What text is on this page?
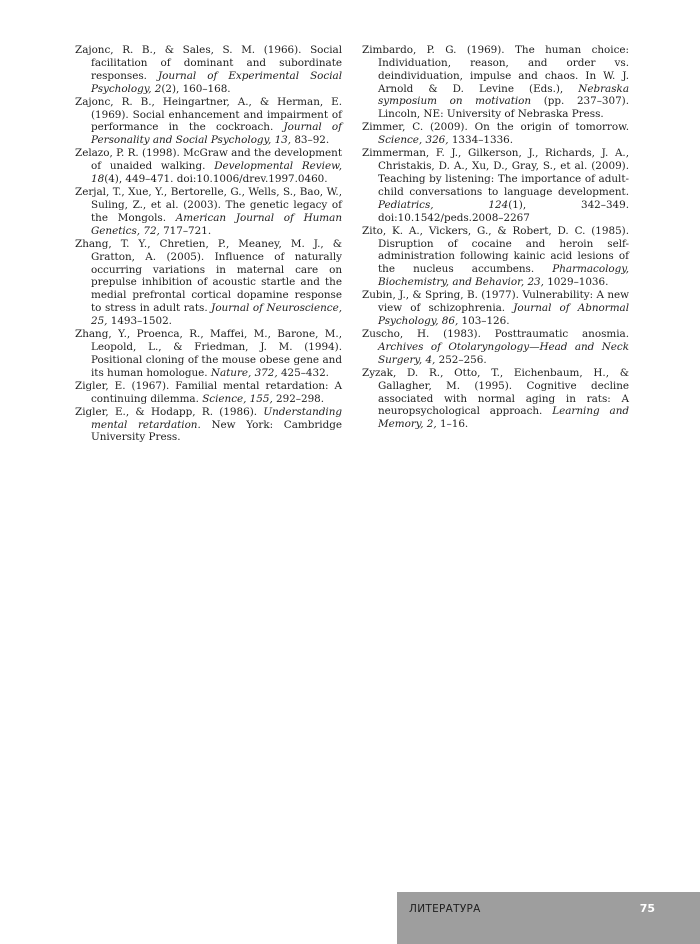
Zajonc, R. B., & Sales, S. M. (1966). Social facilitation of dominant and subordinate responses. Journal of Experimental Social Psychology, 2(2), 160–168.

Zajonc, R. B., Heingartner, A., & Herman, E. (1969). Social enhancement and impairment of performance in the cockroach. Journal of Personality and Social Psychology, 13, 83–92.

Zelazo, P. R. (1998). McGraw and the development of unaided walking. Developmental Review, 18(4), 449–471. doi:10.1006/drev.1997.0460.

Zerjal, T., Xue, Y., Bertorelle, G., Wells, S., Bao, W., Suling, Z., et al. (2003). The genetic legacy of the Mongols. American Journal of Human Genetics, 72, 717–721.

Zhang, T. Y., Chretien, P., Meaney, M. J., & Gratton, A. (2005). Influence of naturally occurring variations in maternal care on prepulse inhibition of acoustic startle and the medial prefrontal cortical dopamine response to stress in adult rats. Journal of Neuroscience, 25, 1493–1502.

Zhang, Y., Proenca, R., Maffei, M., Barone, M., Leopold, L., & Friedman, J. M. (1994). Positional cloning of the mouse obese gene and its human homologue. Nature, 372, 425–432.

Zigler, E. (1967). Familial mental retardation: A continuing dilemma. Science, 155, 292–298.

Zigler, E., & Hodapp, R. (1986). Understanding mental retardation. New York: Cambridge University Press.

Zimbardo, P. G. (1969). The human choice: Individuation, reason, and order vs. deindividuation, impulse and chaos. In W. J. Arnold & D. Levine (Eds.), Nebraska symposium on motivation (pp. 237–307). Lincoln, NE: University of Nebraska Press.

Zimmer, C. (2009). On the origin of tomorrow. Science, 326, 1334–1336.

Zimmerman, F. J., Gilkerson, J., Richards, J. A., Christakis, D. A., Xu, D., Gray, S., et al. (2009). Teaching by listening: The importance of adult-child conversations to language development. Pediatrics, 124(1), 342–349. doi:10.1542/peds.2008–2267

Zito, K. A., Vickers, G., & Robert, D. C. (1985). Disruption of cocaine and heroin self-administration following kainic acid lesions of the nucleus accumbens. Pharmacology, Biochemistry, and Behavior, 23, 1029–1036.

Zubin, J., & Spring, B. (1977). Vulnerability: A new view of schizophrenia. Journal of Abnormal Psychology, 86, 103–126.

Zuscho, H. (1983). Posttraumatic anosmia. Archives of Otolaryngology—Head and Neck Surgery, 4, 252–256.

Zyzak, D. R., Otto, T., Eichenbaum, H., & Gallagher, M. (1995). Cognitive decline associated with normal aging in rats: A neuropsychological approach. Learning and Memory, 2, 1–16.

ЛИТЕРАТУРА	75
